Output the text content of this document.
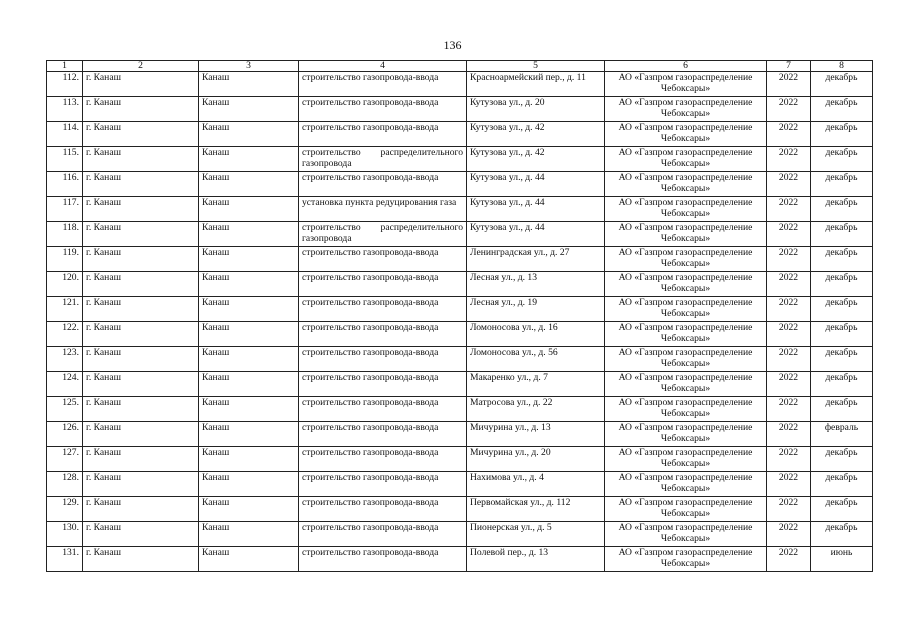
136
1	2	3	4	5	6	7	8
112.	г. Канаш	Канаш	строительство газопровода-ввода	Красноармейский пер., д. 11	АО «Газпром газораспределение Чебоксары»	2022	декабрь
113.	г. Канаш	Канаш	строительство газопровода-ввода	Кутузова ул., д. 20	АО «Газпром газораспределение Чебоксары»	2022	декабрь
114.	г. Канаш	Канаш	строительство газопровода-ввода	Кутузова ул., д. 42	АО «Газпром газораспределение Чебоксары»	2022	декабрь
115.	г. Канаш	Канаш	строительство распределительного газопровода	Кутузова ул., д. 42	АО «Газпром газораспределение Чебоксары»	2022	декабрь
116.	г. Канаш	Канаш	строительство газопровода-ввода	Кутузова ул., д. 44	АО «Газпром газораспределение Чебоксары»	2022	декабрь
117.	г. Канаш	Канаш	установка пункта редуцирования газа	Кутузова ул., д. 44	АО «Газпром газораспределение Чебоксары»	2022	декабрь
118.	г. Канаш	Канаш	строительство распределительного газопровода	Кутузова ул., д. 44	АО «Газпром газораспределение Чебоксары»	2022	декабрь
119.	г. Канаш	Канаш	строительство газопровода-ввода	Ленинградская ул., д. 27	АО «Газпром газораспределение Чебоксары»	2022	декабрь
120.	г. Канаш	Канаш	строительство газопровода-ввода	Лесная ул., д. 13	АО «Газпром газораспределение Чебоксары»	2022	декабрь
121.	г. Канаш	Канаш	строительство газопровода-ввода	Лесная ул., д. 19	АО «Газпром газораспределение Чебоксары»	2022	декабрь
122.	г. Канаш	Канаш	строительство газопровода-ввода	Ломоносова ул., д. 16	АО «Газпром газораспределение Чебоксары»	2022	декабрь
123.	г. Канаш	Канаш	строительство газопровода-ввода	Ломоносова ул., д. 56	АО «Газпром газораспределение Чебоксары»	2022	декабрь
124.	г. Канаш	Канаш	строительство газопровода-ввода	Макаренко ул., д. 7	АО «Газпром газораспределение Чебоксары»	2022	декабрь
125.	г. Канаш	Канаш	строительство газопровода-ввода	Матросова ул., д. 22	АО «Газпром газораспределение Чебоксары»	2022	декабрь
126.	г. Канаш	Канаш	строительство газопровода-ввода	Мичурина ул., д. 13	АО «Газпром газораспределение Чебоксары»	2022	февраль
127.	г. Канаш	Канаш	строительство газопровода-ввода	Мичурина ул., д. 20	АО «Газпром газораспределение Чебоксары»	2022	декабрь
128.	г. Канаш	Канаш	строительство газопровода-ввода	Нахимова ул., д. 4	АО «Газпром газораспределение Чебоксары»	2022	декабрь
129.	г. Канаш	Канаш	строительство газопровода-ввода	Первомайская ул., д. 112	АО «Газпром газораспределение Чебоксары»	2022	декабрь
130.	г. Канаш	Канаш	строительство газопровода-ввода	Пионерская ул., д. 5	АО «Газпром газораспределение Чебоксары»	2022	декабрь
131.	г. Канаш	Канаш	строительство газопровода-ввода	Полевой пер., д. 13	АО «Газпром газораспределение Чебоксары»	2022	июнь
